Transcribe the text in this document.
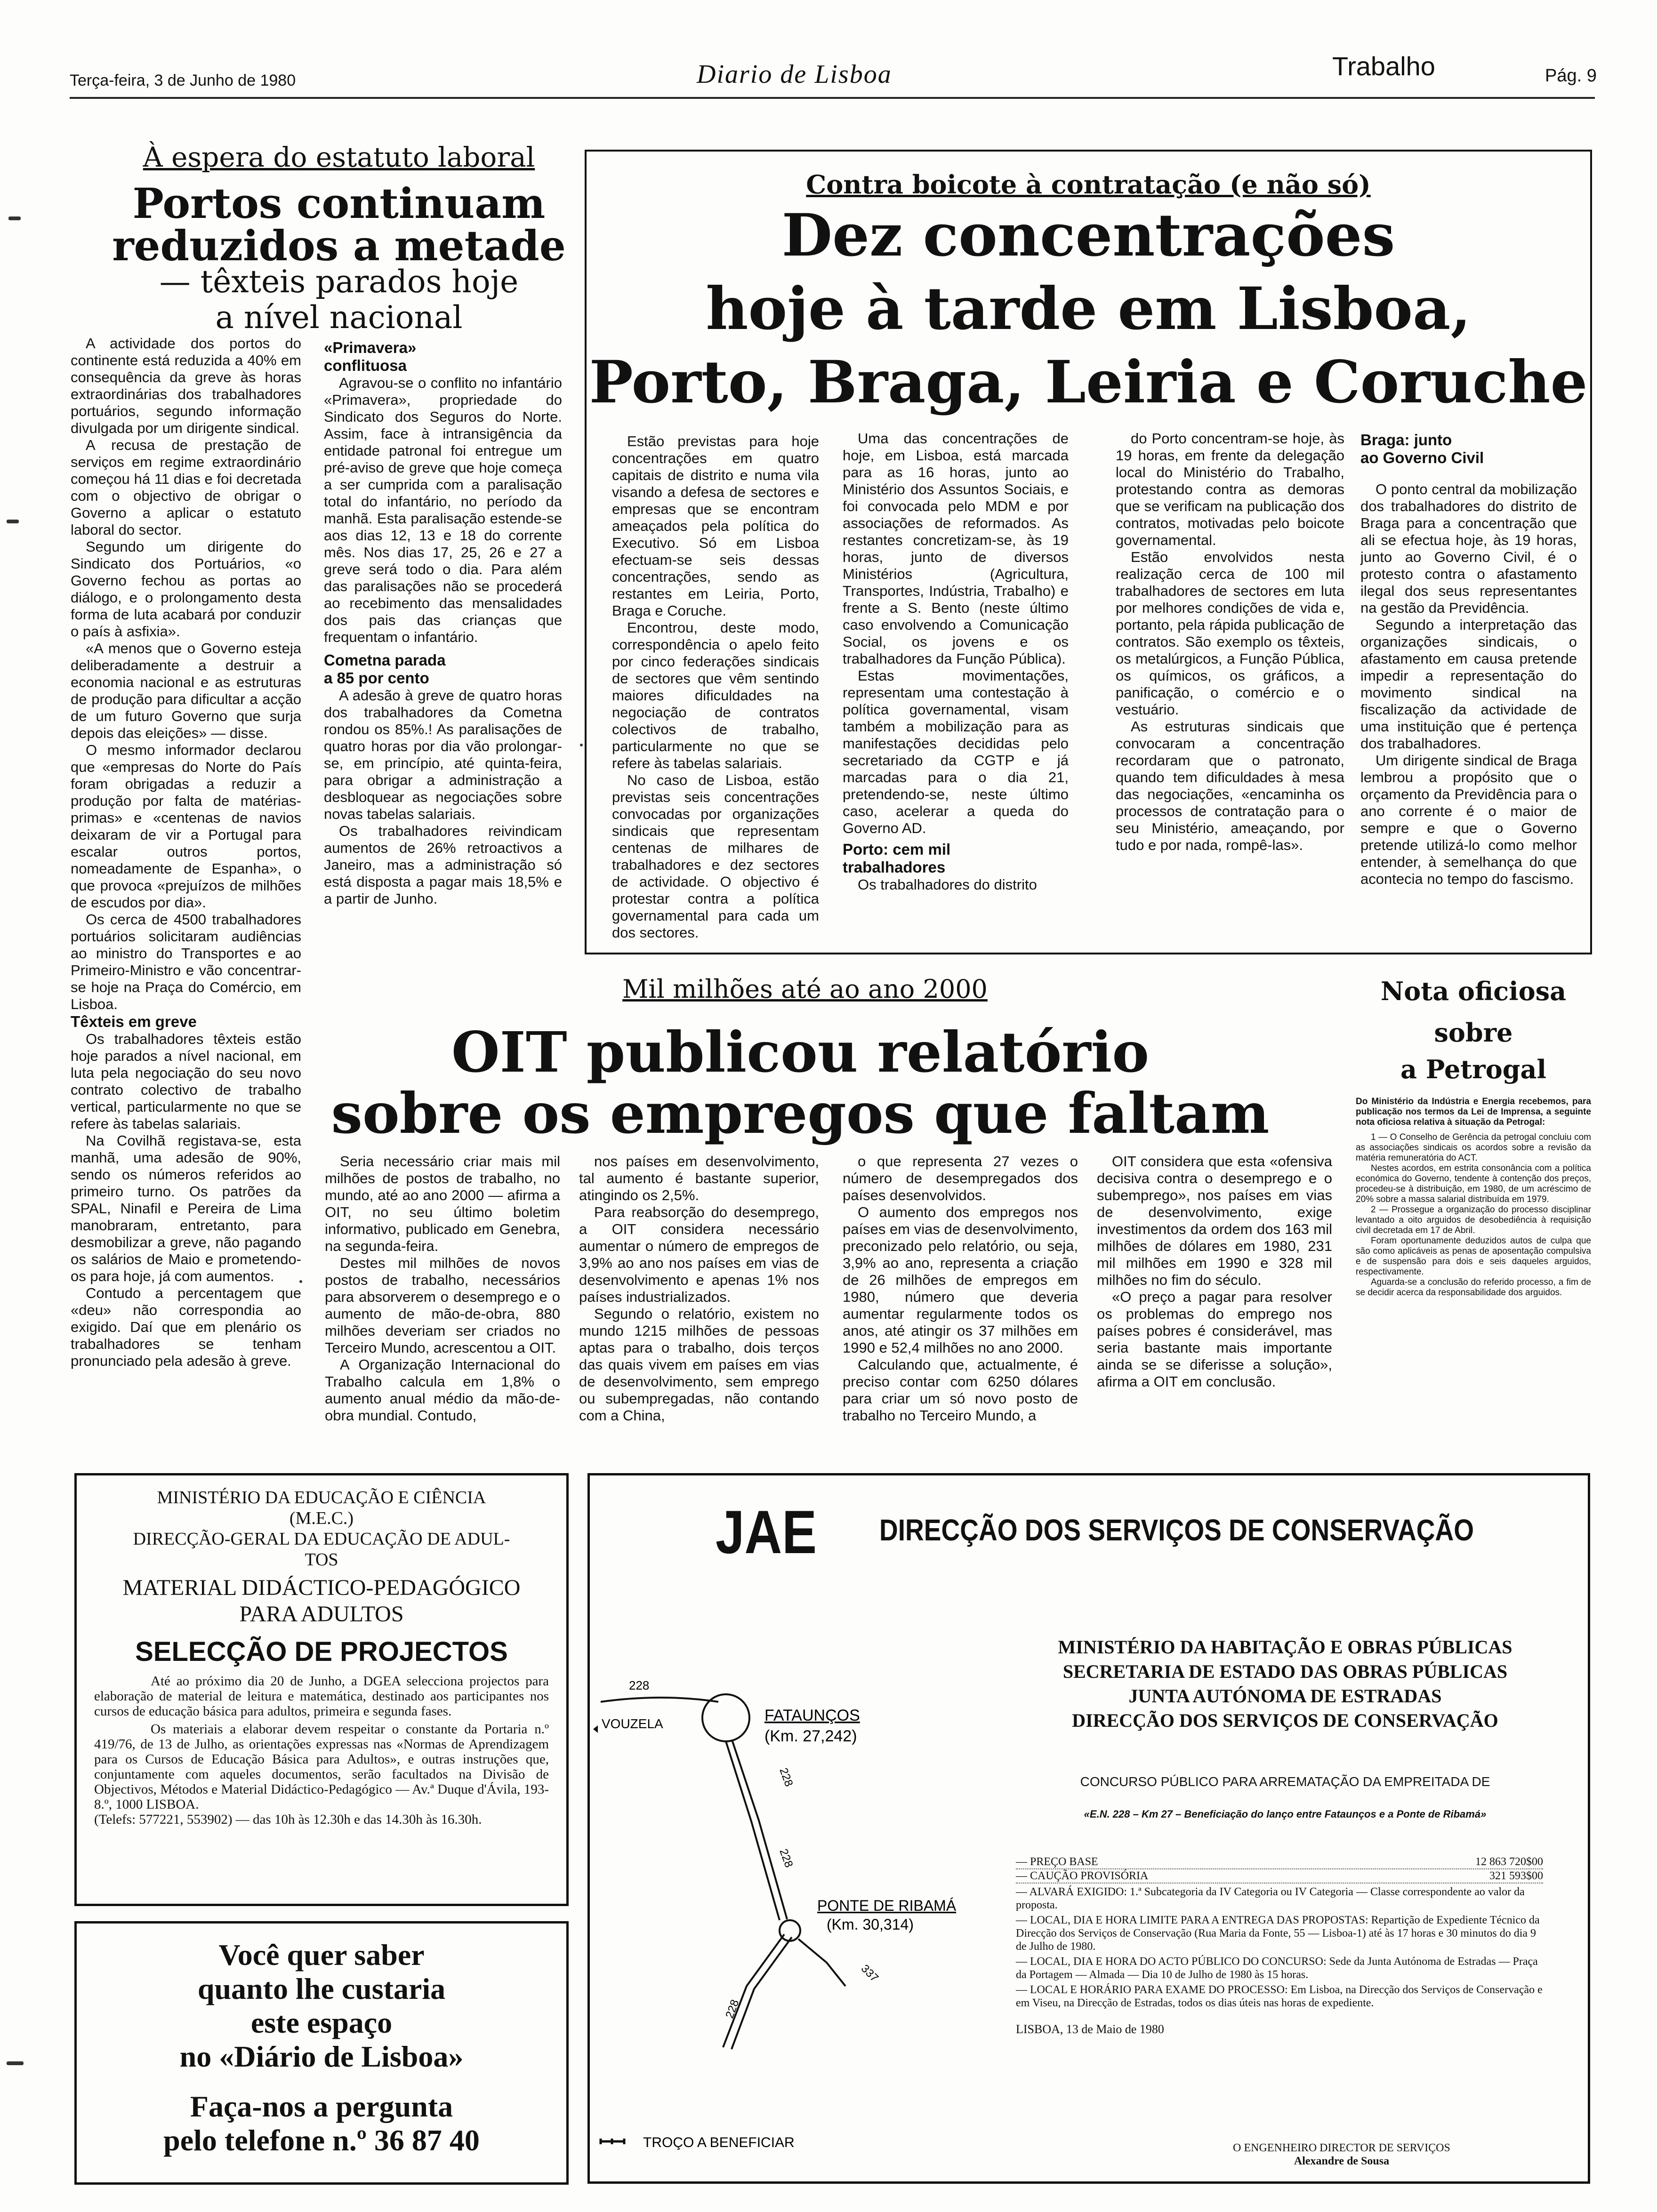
Terça-feira, 3 de Junho de 1980	Diario de Lisboa	Trabalho	Pág. 9
À espera do estatuto laboral
Portos continuam
reduzidos a metade
— têxteis parados hoje
a nível nacional

A actividade dos portos do continente está reduzida a 40% em consequência da greve às horas extraordinárias dos trabalhadores portuários, segundo informação divulgada por um dirigente sindical.

A recusa de prestação de serviços em regime extraordinário começou há 11 dias e foi decretada com o objectivo de obrigar o Governo a aplicar o estatuto laboral do sector.

Segundo um dirigente do Sindicato dos Portuários, «o Governo fechou as portas ao diálogo, e o prolongamento desta forma de luta acabará por conduzir o país à asfixia».

«A menos que o Governo esteja deliberadamente a destruir a economia nacional e as estruturas de produção para dificultar a acção de um futuro Governo que surja depois das eleições» — disse.

O mesmo informador declarou que «empresas do Norte do País foram obrigadas a reduzir a produção por falta de matérias-primas» e «centenas de navios deixaram de vir a Portugal para escalar outros portos, nomeadamente de Espanha», o que provoca «prejuízos de milhões de escudos por dia».

Os cerca de 4500 trabalhadores portuários solicitaram audiências ao ministro do Transportes e ao Primeiro-Ministro e vão concentrar-se hoje na Praça do Comércio, em Lisboa.

Têxteis em greve

Os trabalhadores têxteis estão hoje parados a nível nacional, em luta pela negociação do seu novo contrato colectivo de trabalho vertical, particularmente no que se refere às tabelas salariais.

Na Covilhã registava-se, esta manhã, uma adesão de 90%, sendo os números referidos ao primeiro turno. Os patrões da SPAL, Ninafil e Pereira de Lima manobraram, entretanto, para desmobilizar a greve, não pagando os salários de Maio e prometendo-os para hoje, já com aumentos.

Contudo a percentagem que «deu» não correspondia ao exigido. Daí que em plenário os trabalhadores se tenham pronunciado pela adesão à greve.

«Primavera»

conflituosa

Agravou-se o conflito no infantário «Primavera», propriedade do Sindicato dos Seguros do Norte. Assim, face à intransigência da entidade patronal foi entregue um pré-aviso de greve que hoje começa a ser cumprida com a paralisação total do infantário, no período da manhã. Esta paralisação estende-se aos dias 12, 13 e 18 do corrente mês. Nos dias 17, 25, 26 e 27 a greve será todo o dia. Para além das paralisações não se procederá ao recebimento das mensalidades dos pais das crianças que frequentam o infantário.

Cometna parada

a 85 por cento

A adesão à greve de quatro horas dos trabalhadores da Cometna rondou os 85%.! As paralisações de quatro horas por dia vão prolongar-se, em princípio, até quinta-feira, para obrigar a administração a desbloquear as negociações sobre novas tabelas salariais.

Os trabalhadores reivindicam aumentos de 26% retroactivos a Janeiro, mas a administração só está disposta a pagar mais 18,5% e a partir de Junho.

Contra boicote à contratação (e não só)
Dez concentrações
hoje à tarde em Lisboa,
Porto, Braga, Leiria e Coruche

Estão previstas para hoje concentrações em quatro capitais de distrito e numa vila visando a defesa de sectores e empresas que se encontram ameaçados pela política do Executivo. Só em Lisboa efectuam-se seis dessas concentrações, sendo as restantes em Leiria, Porto, Braga e Coruche.

Encontrou, deste modo, correspondência o apelo feito por cinco federações sindicais de sectores que vêm sentindo maiores dificuldades na negociação de contratos colectivos de trabalho, particularmente no que se refere às tabelas salariais.

No caso de Lisboa, estão previstas seis concentrações convocadas por organizações sindicais que representam centenas de milhares de trabalhadores e dez sectores de actividade. O objectivo é protestar contra a política governamental para cada um dos sectores.

Uma das concentrações de hoje, em Lisboa, está marcada para as 16 horas, junto ao Ministério dos Assuntos Sociais, e foi convocada pelo MDM e por associações de reformados. As restantes concretizam-se, às 19 horas, junto de diversos Ministérios (Agricultura, Transportes, Indústria, Trabalho) e frente a S. Bento (neste último caso envolvendo a Comunicação Social, os jovens e os trabalhadores da Função Pública).

Estas movimentações, representam uma contestação à política governamental, visam também a mobilização para as manifestações decididas pelo secretariado da CGTP e já marcadas para o dia 21, pretendendo-se, neste último caso, acelerar a queda do Governo AD.

Porto: cem mil

trabalhadores

Os trabalhadores do distrito

do Porto concentram-se hoje, às 19 horas, em frente da delegação local do Ministério do Trabalho, protestando contra as demoras que se verificam na publicação dos contratos, motivadas pelo boicote governamental.

Estão envolvidos nesta realização cerca de 100 mil trabalhadores de sectores em luta por melhores condições de vida e, portanto, pela rápida publicação de contratos. São exemplo os têxteis, os metalúrgicos, a Função Pública, os químicos, os gráficos, a panificação, o comércio e o vestuário.

As estruturas sindicais que convocaram a concentração recordaram que o patronato, quando tem dificuldades à mesa das negociações, «encaminha os processos de contratação para o seu Ministério, ameaçando, por tudo e por nada, rompê-las».

Braga: junto

ao Governo Civil

O ponto central da mobilização dos trabalhadores do distrito de Braga para a concentração que ali se efectua hoje, às 19 horas, junto ao Governo Civil, é o protesto contra o afastamento ilegal dos seus representantes na gestão da Previdência.

Segundo a interpretação das organizações sindicais, o afastamento em causa pretende impedir a representação do movimento sindical na fiscalização da actividade de uma instituição que é pertença dos trabalhadores.

Um dirigente sindical de Braga lembrou a propósito que o orçamento da Previdência para o ano corrente é o maior de sempre e que o Governo pretende utilizá-lo como melhor entender, à semelhança do que acontecia no tempo do fascismo.

Mil milhões até ao ano 2000
OIT publicou relatório
sobre os empregos que faltam

Seria necessário criar mais mil milhões de postos de trabalho, no mundo, até ao ano 2000 — afirma a OIT, no seu último boletim informativo, publicado em Genebra, na segunda-feira.

Destes mil milhões de novos postos de trabalho, necessários para absorverem o desemprego e o aumento de mão-de-obra, 880 milhões deveriam ser criados no Terceiro Mundo, acrescentou a OIT.

A Organização Internacional do Trabalho calcula em 1,8% o aumento anual médio da mão-de-obra mundial. Contudo,

nos países em desenvolvimento, tal aumento é bastante superior, atingindo os 2,5%.

Para reabsorção do desemprego, a OIT considera necessário aumentar o número de empregos de 3,9% ao ano nos países em vias de desenvolvimento e apenas 1% nos países industrializados.

Segundo o relatório, existem no mundo 1215 milhões de pessoas aptas para o trabalho, dois terços das quais vivem em países em vias de desenvolvimento, sem emprego ou subempregadas, não contando com a China,

o que representa 27 vezes o número de desempregados dos países desenvolvidos.

O aumento dos empregos nos países em vias de desenvolvimento, preconizado pelo relatório, ou seja, 3,9% ao ano, representa a criação de 26 milhões de empregos em 1980, número que deveria aumentar regularmente todos os anos, até atingir os 37 milhões em 1990 e 52,4 milhões no ano 2000.

Calculando que, actualmente, é preciso contar com 6250 dólares para criar um só novo posto de trabalho no Terceiro Mundo, a

OIT considera que esta «ofensiva decisiva contra o desemprego e o subemprego», nos países em vias de desenvolvimento, exige investimentos da ordem dos 163 mil milhões de dólares em 1980, 231 mil milhões em 1990 e 328 mil milhões no fim do século.

«O preço a pagar para resolver os problemas do emprego nos países pobres é considerável, mas seria bastante mais importante ainda se se diferisse a solução», afirma a OIT em conclusão.

Nota oficiosa
sobre
a Petrogal

Do Ministério da Indústria e Energia recebemos, para publicação nos termos da Lei de Imprensa, a seguinte nota oficiosa relativa à situação da Petrogal:

1 — O Conselho de Gerência da petrogal concluiu com as associações sindicais os acordos sobre a revisão da matéria remuneratória do ACT.

Nestes acordos, em estrita consonância com a política económica do Governo, tendente à contenção dos preços, procedeu-se à distribuição, em 1980, de um acréscimo de 20% sobre a massa salarial distribuída em 1979.

2 — Prossegue a organização do processo disciplinar levantado a oito arguidos de desobediência à requisição civil decretada em 17 de Abril.

Foram oportunamente deduzidos autos de culpa que são como aplicáveis as penas de aposentação compulsiva e de suspensão para dois e seis daqueles arguidos, respectivamente.

Aguarda-se a conclusão do referido processo, a fim de se decidir acerca da responsabilidade dos arguidos.

MINISTÉRIO DA EDUCAÇÃO E CIÊNCIA
(M.E.C.)
DIRECÇÃO-GERAL DA EDUCAÇÃO DE ADUL-
TOS
MATERIAL DIDÁCTICO-PEDAGÓGICO
PARA ADULTOS
SELECÇÃO DE PROJECTOS
Até ao próximo dia 20 de Junho, a DGEA selecciona projectos para elaboração de material de leitura e matemática, destinado aos participantes nos cursos de educação básica para adultos, primeira e segunda fases.
Os materiais a elaborar devem respeitar o constante da Portaria n.º 419/76, de 13 de Julho, as orientações expressas nas «Normas de Aprendizagem para os Cursos de Educação Básica para Adultos», e outras instruções que, conjuntamente com aqueles documentos, serão facultados na Divisão de Objectivos, Métodos e Material Didáctico-Pedagógico — Av.ª Duque d'Ávila, 193-8.º, 1000 LISBOA.
(Telefs: 577221, 553902) — das 10h às 12.30h e das 14.30h às 16.30h.
Você quer saber
quanto lhe custaria
este espaço
no «Diário de Lisboa»
Faça-nos a pergunta
pelo telefone n.º 36 87 40
JAE DIRECÇÃO DOS SERVIÇOS DE CONSERVAÇÃO
MINISTÉRIO DA HABITAÇÃO E OBRAS PÚBLICAS
SECRETARIA DE ESTADO DAS OBRAS PÚBLICAS
JUNTA AUTÓNOMA DE ESTRADAS
DIRECÇÃO DOS SERVIÇOS DE CONSERVAÇÃO
CONCURSO PÚBLICO PARA ARREMATAÇÃO DA EMPREITADA DE
«E.N. 228 – Km 27 – Beneficiação do lanço entre Fataunços e a Ponte de Ribamá»
— PREÇO BASE	12 863 720$00
— CAUÇÃO PROVISÓRIA	321 593$00
— ALVARÁ EXIGIDO: 1.ª Subcategoria da IV Categoria ou IV Categoria — Classe correspondente ao valor da proposta.
— LOCAL, DIA E HORA LIMITE PARA A ENTREGA DAS PROPOSTAS: Repartição de Expediente Técnico da Direcção dos Serviços de Conservação (Rua Maria da Fonte, 55 — Lisboa-1) até às 17 horas e 30 minutos do dia 9 de Julho de 1980.
— LOCAL, DIA E HORA DO ACTO PÚBLICO DO CONCURSO: Sede da Junta Autónoma de Estradas — Praça da Portagem — Almada — Dia 10 de Julho de 1980 às 15 horas.
— LOCAL E HORÁRIO PARA EXAME DO PROCESSO: Em Lisboa, na Direcção dos Serviços de Conservação e em Viseu, na Direcção de Estradas, todos os dias úteis nas horas de expediente.
LISBOA, 13 de Maio de 1980
O ENGENHEIRO DIRECTOR DE SERVIÇOS
Alexandre de Sousa
228
VOUZELA	FATAUNÇOS
(Km. 27,242)
228
228
PONTE DE RIBAMÁ
(Km. 30,314)
337
228
TROÇO A BENEFICIAR
